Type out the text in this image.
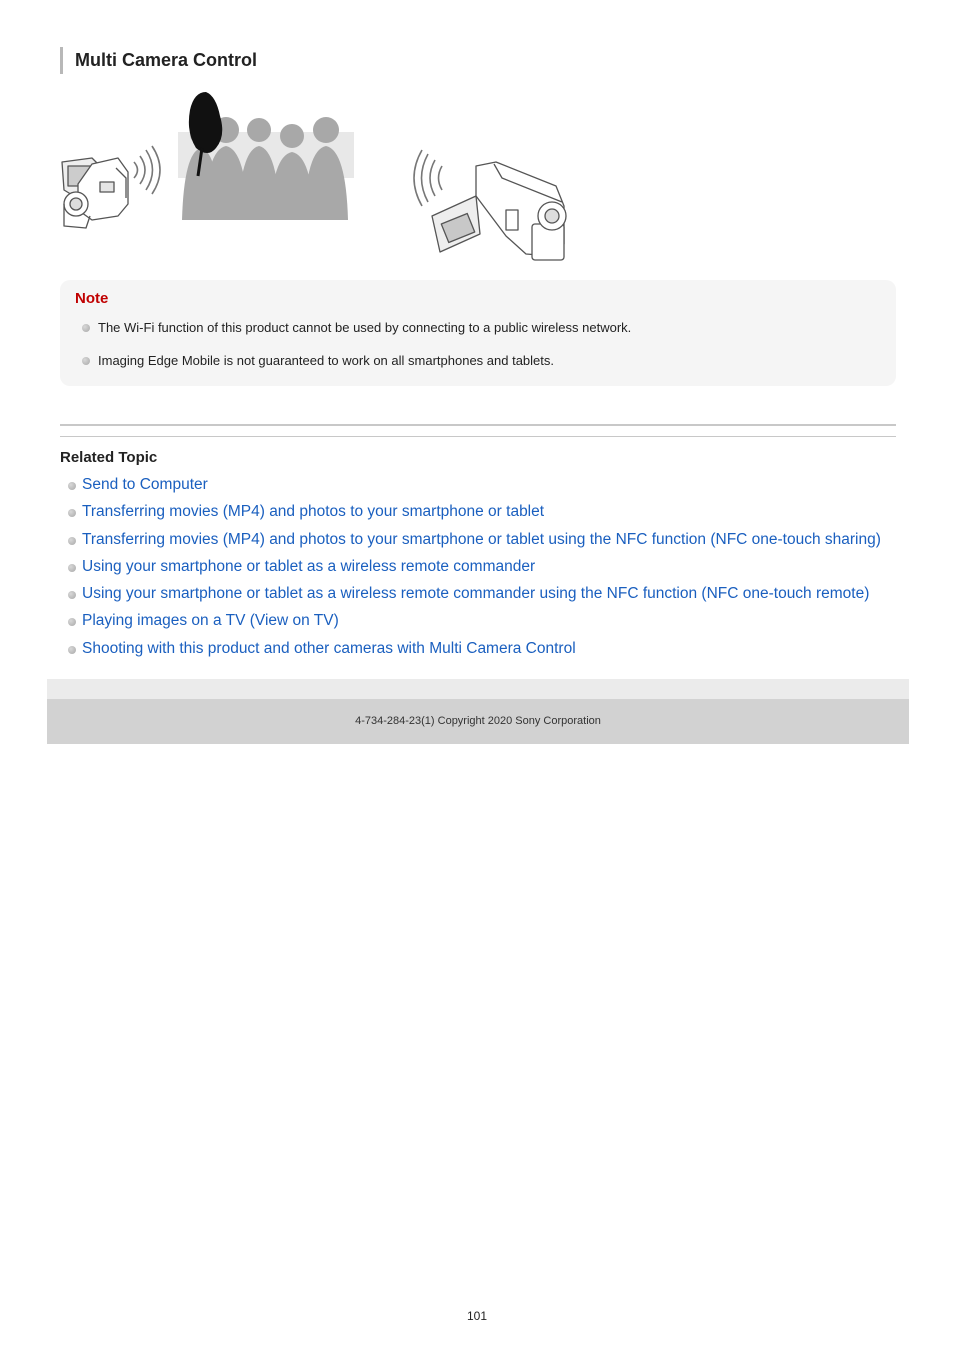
Multi Camera Control
Note
The Wi-Fi function of this product cannot be used by connecting to a public wireless network.
Imaging Edge Mobile is not guaranteed to work on all smartphones and tablets.
Related Topic
Send to Computer
Transferring movies (MP4) and photos to your smartphone or tablet
Transferring movies (MP4) and photos to your smartphone or tablet using the NFC function (NFC one-touch sharing)
Using your smartphone or tablet as a wireless remote commander
Using your smartphone or tablet as a wireless remote commander using the NFC function (NFC one-touch remote)
Playing images on a TV (View on TV)
Shooting with this product and other cameras with Multi Camera Control
4-734-284-23(1) Copyright 2020 Sony Corporation
101
